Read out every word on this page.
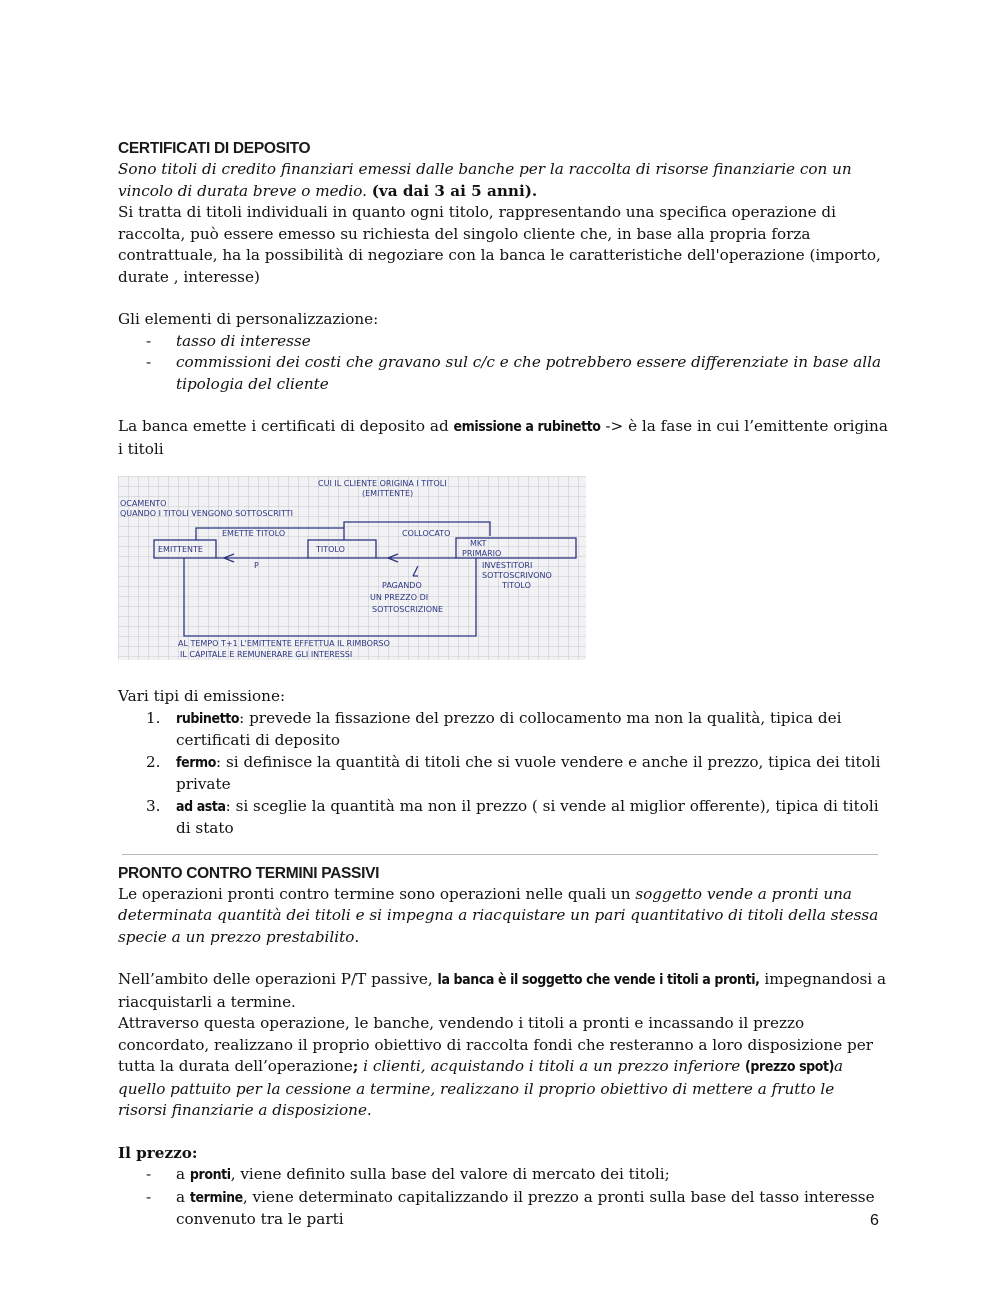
CERTIFICATI DI DEPOSITO

Sono titoli di credito finanziari emessi dalle banche per la raccolta di risorse finanziarie con un vincolo di durata breve o medio. (va dai 3 ai 5 anni).

Si tratta di titoli individuali in quanto ogni titolo, rappresentando una specifica operazione di raccolta, può essere emesso su richiesta del singolo cliente che, in base alla propria forza contrattuale, ha la possibilità di negoziare con la banca le caratteristiche dell'operazione (importo, durate , interesse)

Gli elementi di personalizzazione:

- tasso di interesse
- commissioni dei costi che gravano sul c/c e che potrebbero essere differenziate in base alla tipologia del cliente

La banca emette i certificati di deposito ad emissione a rubinetto -> è la fase in cui l’emittente origina i titoli

CUI IL CLIENTE ORIGINA I TITOLI
(EMITTENTE)
OCAMENTO
QUANDO I TITOLI VENGONO SOTTOSCRITTI
EMETTE TITOLO	COLLOCATO
EMITTENTE	TITOLO
MKT
PRIMARIO
P	INVESTITORI
SOTTOSCRIVONO
TITOLO
PAGANDO
UN PREZZO DI
SOTTOSCRIZIONE
AL TEMPO T+1 L'EMITTENTE EFFETTUA IL RIMBORSO
IL CAPITALE E REMUNERARE GLI INTERESSI

Vari tipi di emissione:

1. rubinetto: prevede la fissazione del prezzo di collocamento ma non la qualità, tipica dei certificati di deposito
2. fermo: si definisce la quantità di titoli che si vuole vendere e anche il prezzo, tipica dei titoli private
3. ad asta: si sceglie la quantità ma non il prezzo ( si vende al miglior offerente), tipica di titoli di stato
PRONTO CONTRO TERMINI PASSIVI

Le operazioni pronti contro termine sono operazioni nelle quali un soggetto vende a pronti una determinata quantità dei titoli e si impegna a riacquistare un pari quantitativo di titoli della stessa specie a un prezzo prestabilito.

Nell’ambito delle operazioni P/T passive, la banca è il soggetto che vende i titoli a pronti, impegnandosi a riacquistarli a termine.

Attraverso questa operazione, le banche, vendendo i titoli a pronti e incassando il prezzo concordato, realizzano il proprio obiettivo di raccolta fondi che resteranno a loro disposizione per tutta la durata dell’operazione; i clienti, acquistando i titoli a un prezzo inferiore (prezzo spot)a quello pattuito per la cessione a termine, realizzano il proprio obiettivo di mettere a frutto le risorsi finanziarie a disposizione.

Il prezzo:

- a pronti, viene definito sulla base del valore di mercato dei titoli;
- a termine, viene determinato capitalizzando il prezzo a pronti sulla base del tasso interesse convenuto tra le parti	6
